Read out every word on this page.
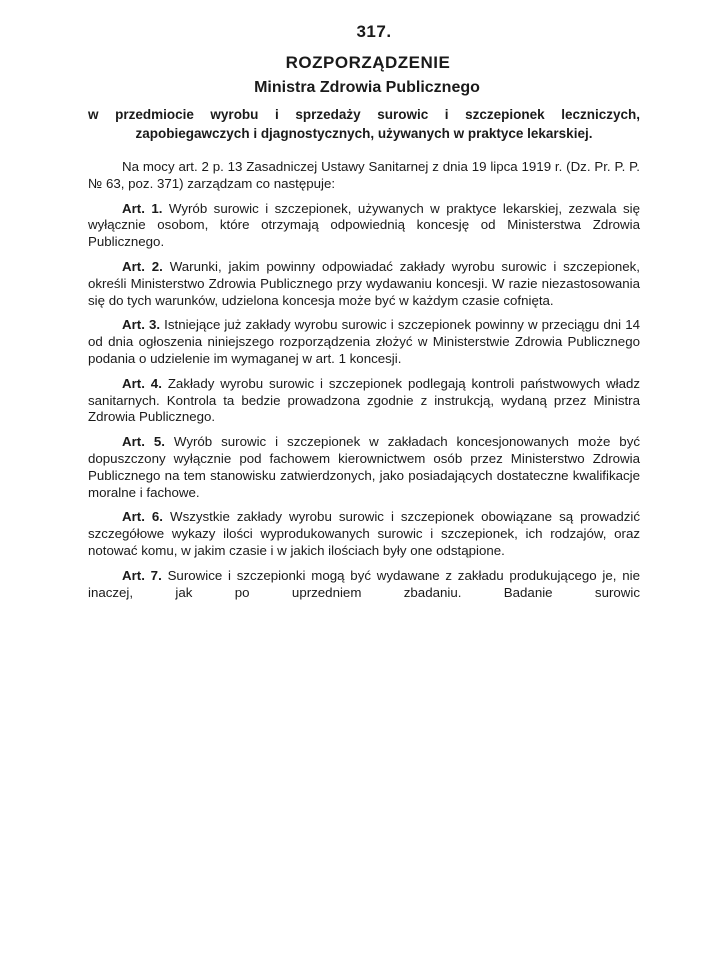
317.
ROZPORZĄDZENIE
Ministra Zdrowia Publicznego
w przedmiocie wyrobu i sprzedaży surowic i szczepionek leczniczych, zapobiegawczych i djagnostycznych, używanych w praktyce lekarskiej.

Na mocy art. 2 p. 13 Zasadniczej Ustawy Sanitarnej z dnia 19 lipca 1919 r. (Dz. Pr. P. P. № 63, poz. 371) zarządzam co następuje:

Art. 1. Wyrób surowic i szczepionek, używanych w praktyce lekarskiej, zezwala się wyłącznie osobom, które otrzymają odpowiednią koncesję od Ministerstwa Zdrowia Publicznego.

Art. 2. Warunki, jakim powinny odpowiadać zakłady wyrobu surowic i szczepionek, określi Ministerstwo Zdrowia Publicznego przy wydawaniu koncesji. W razie niezastosowania się do tych warunków, udzielona koncesja może być w każdym czasie cofnięta.

Art. 3. Istniejące już zakłady wyrobu surowic i szczepionek powinny w przeciągu dni 14 od dnia ogłoszenia niniejszego rozporządzenia złożyć w Ministerstwie Zdrowia Publicznego podania o udzielenie im wymaganej w art. 1 koncesji.

Art. 4. Zakłady wyrobu surowic i szczepionek podlegają kontroli państwowych władz sanitarnych. Kontrola ta bedzie prowadzona zgodnie z instrukcją, wydaną przez Ministra Zdrowia Publicznego.

Art. 5. Wyrób surowic i szczepionek w zakładach koncesjonowanych może być dopuszczony wyłącznie pod fachowem kierownictwem osób przez Ministerstwo Zdrowia Publicznego na tem stanowisku zatwierdzonych, jako posiadających dostateczne kwalifikacje moralne i fachowe.

Art. 6. Wszystkie zakłady wyrobu surowic i szczepionek obowiązane są prowadzić szczegółowe wykazy ilości wyprodukowanych surowic i szczepionek, ich rodzajów, oraz notować komu, w jakim czasie i w jakich ilościach były one odstąpione.

Art. 7. Surowice i szczepionki mogą być wydawane z zakładu produkującego je, nie inaczej, jak po uprzedniem zbadaniu. Badanie surowic
